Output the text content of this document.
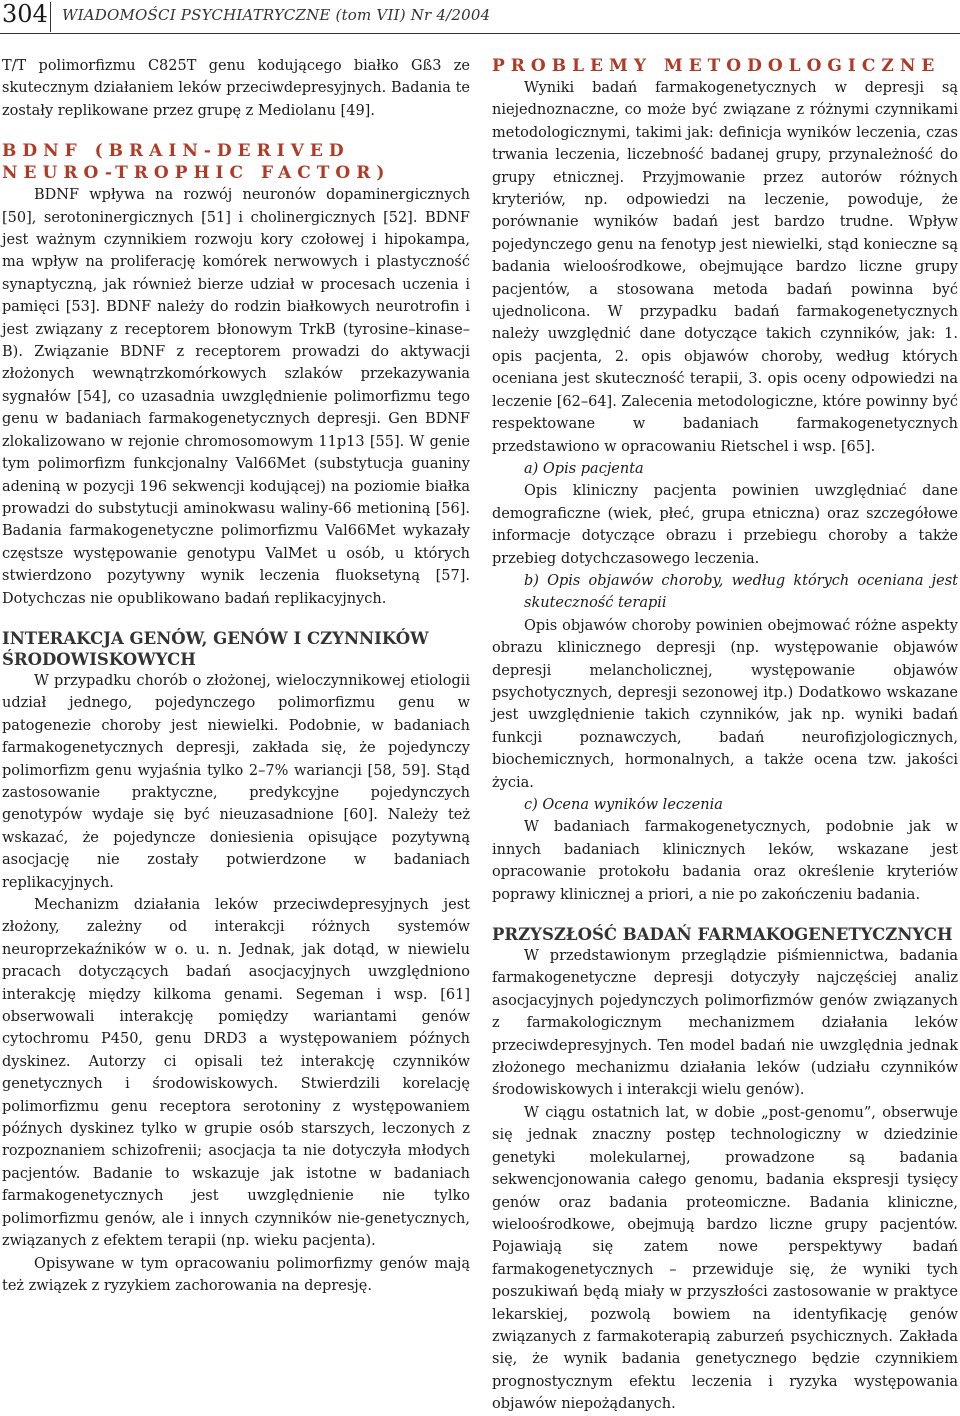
304 WIADOMOŚCI PSYCHIATRYCZNE (tom VII) Nr 4/2004

T/T polimorfizmu C825T genu kodującego białko Gß3 ze skutecznym działaniem leków przeciwdepresyjnych. Badania te zostały replikowane przez grupę z Mediolanu [49].

BDNF (BRAIN-DERIVED NEURO-TROPHIC FACTOR)

BDNF wpływa na rozwój neuronów dopaminergicznych [50], serotoninergicznych [51] i cholinergicznych [52]. BDNF jest ważnym czynnikiem rozwoju kory czołowej i hipokampa, ma wpływ na proliferację komórek nerwowych i plastyczność synaptyczną, jak również bierze udział w procesach uczenia i pamięci [53]. BDNF należy do rodzin białkowych neurotrofin i jest związany z receptorem błonowym TrkB (tyrosine–kinase–B). Związanie BDNF z receptorem prowadzi do aktywacji złożonych wewnątrzkomórkowych szlaków przekazywania sygnałów [54], co uzasadnia uwzględnienie polimorfizmu tego genu w badaniach farmakogenetycznych depresji. Gen BDNF zlokalizowano w rejonie chromosomowym 11p13 [55]. W genie tym polimorfizm funkcjonalny Val66Met (substytucja guaniny adeniną w pozycji 196 sekwencji kodującej) na poziomie białka prowadzi do substytucji aminokwasu waliny-66 metioniną [56]. Badania farmakogenetyczne polimorfizmu Val66Met wykazały częstsze występowanie genotypu ValMet u osób, u których stwierdzono pozytywny wynik leczenia fluoksetyną [57]. Dotychczas nie opublikowano badań replikacyjnych.

INTERAKCJA GENÓW, GENÓW I CZYNNIKÓW ŚRODOWISKOWYCH

W przypadku chorób o złożonej, wieloczynnikowej etiologii udział jednego, pojedynczego polimorfizmu genu w patogenezie choroby jest niewielki. Podobnie, w badaniach farmakogenetycznych depresji, zakłada się, że pojedynczy polimorfizm genu wyjaśnia tylko 2–7% wariancji [58, 59]. Stąd zastosowanie praktyczne, predykcyjne pojedynczych genotypów wydaje się być nieuzasadnione [60]. Należy też wskazać, że pojedyncze doniesienia opisujące pozytywną asocjację nie zostały potwierdzone w badaniach replikacyjnych.

Mechanizm działania leków przeciwdepresyjnych jest złożony, zależny od interakcji różnych systemów neuroprzekaźników w o. u. n. Jednak, jak dotąd, w niewielu pracach dotyczących badań asocjacyjnych uwzględniono interakcję między kilkoma genami. Segeman i wsp. [61] obserwowali interakcję pomiędzy wariantami genów cytochromu P450, genu DRD3 a występowaniem późnych dyskinez. Autorzy ci opisali też interakcję czynników genetycznych i środowiskowych. Stwierdzili korelację polimorfizmu genu receptora serotoniny z występowaniem późnych dyskinez tylko w grupie osób starszych, leczonych z rozpoznaniem schizofrenii; asocjacja ta nie dotyczyła młodych pacjentów. Badanie to wskazuje jak istotne w badaniach farmakogenetycznych jest uwzględnienie nie tylko polimorfizmu genów, ale i innych czynników nie-genetycznych, związanych z efektem terapii (np. wieku pacjenta).

Opisywane w tym opracowaniu polimorfizmy genów mają też związek z ryzykiem zachorowania na depresję.

PROBLEMY METODOLOGICZNE

Wyniki badań farmakogenetycznych w depresji są niejednoznaczne, co może być związane z różnymi czynnikami metodologicznymi, takimi jak: definicja wyników leczenia, czas trwania leczenia, liczebność badanej grupy, przynależność do grupy etnicznej. Przyjmowanie przez autorów różnych kryteriów, np. odpowiedzi na leczenie, powoduje, że porównanie wyników badań jest bardzo trudne. Wpływ pojedynczego genu na fenotyp jest niewielki, stąd konieczne są badania wieloośrodkowe, obejmujące bardzo liczne grupy pacjentów, a stosowana metoda badań powinna być ujednolicona. W przypadku badań farmakogenetycznych należy uwzględnić dane dotyczące takich czynników, jak: 1. opis pacjenta, 2. opis objawów choroby, według których oceniana jest skuteczność terapii, 3. opis oceny odpowiedzi na leczenie [62–64]. Zalecenia metodologiczne, które powinny być respektowane w badaniach farmakogenetycznych przedstawiono w opracowaniu Rietschel i wsp. [65].

a) Opis pacjenta

Opis kliniczny pacjenta powinien uwzględniać dane demograficzne (wiek, płeć, grupa etniczna) oraz szczegółowe informacje dotyczące obrazu i przebiegu choroby a także przebieg dotychczasowego leczenia.

b) Opis objawów choroby, według których oceniana jest skuteczność terapii

Opis objawów choroby powinien obejmować różne aspekty obrazu klinicznego depresji (np. występowanie objawów depresji melancholicznej, występowanie objawów psychotycznych, depresji sezonowej itp.) Dodatkowo wskazane jest uwzględnienie takich czynników, jak np. wyniki badań funkcji poznawczych, badań neurofizjologicznych, biochemicznych, hormonalnych, a także ocena tzw. jakości życia.

c) Ocena wyników leczenia

W badaniach farmakogenetycznych, podobnie jak w innych badaniach klinicznych leków, wskazane jest opracowanie protokołu badania oraz określenie kryteriów poprawy klinicznej a priori, a nie po zakończeniu badania.

PRZYSZŁOŚĆ BADAŃ FARMAKOGENETYCZNYCH

W przedstawionym przeglądzie piśmiennictwa, badania farmakogenetyczne depresji dotyczyły najczęściej analiz asocjacyjnych pojedynczych polimorfizmów genów związanych z farmakologicznym mechanizmem działania leków przeciwdepresyjnych. Ten model badań nie uwzględnia jednak złożonego mechanizmu działania leków (udziału czynników środowiskowych i interakcji wielu genów).

W ciągu ostatnich lat, w dobie „post-genomu”, obserwuje się jednak znaczny postęp technologiczny w dziedzinie genetyki molekularnej, prowadzone są badania sekwencjonowania całego genomu, badania ekspresji tysięcy genów oraz badania proteomiczne. Badania kliniczne, wieloośrodkowe, obejmują bardzo liczne grupy pacjentów. Pojawiają się zatem nowe perspektywy badań farmakogenetycznych – przewiduje się, że wyniki tych poszukiwań będą miały w przyszłości zastosowanie w praktyce lekarskiej, pozwolą bowiem na identyfikację genów związanych z farmakoterapią zaburzeń psychicznych. Zakłada się, że wynik badania genetycznego będzie czynnikiem prognostycznym efektu leczenia i ryzyka występowania objawów niepożądanych.
